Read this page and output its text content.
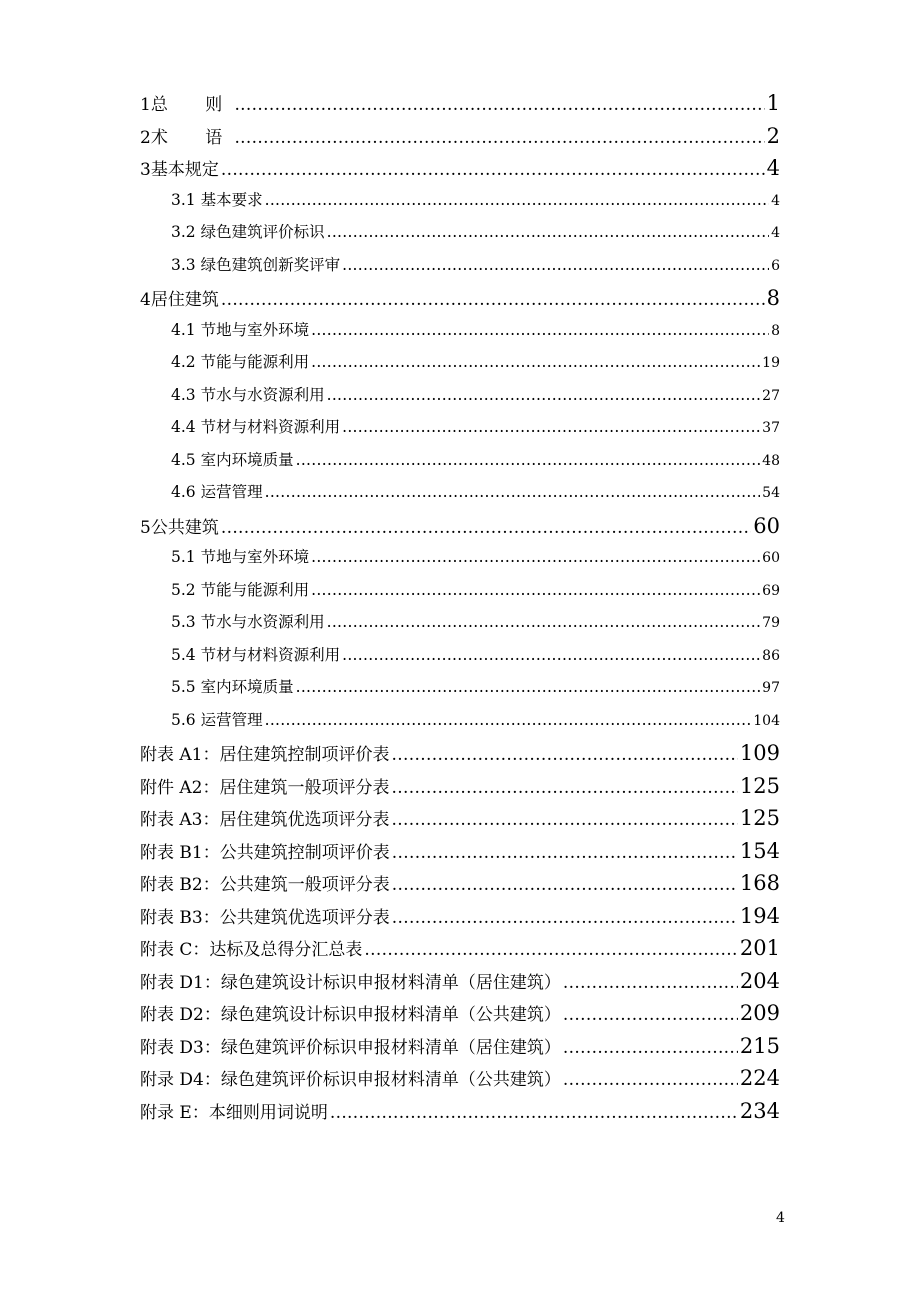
1 总　则 .....	1
2 术　语 .....	2
3 基本规定 .....	4
3.1 基本要求 .....	4
3.2 绿色建筑评价标识 .....	4
3.3 绿色建筑创新奖评审 .....	6
4 居住建筑 .....	8
4.1 节地与室外环境 .....	8
4.2 节能与能源利用 .....	19
4.3 节水与水资源利用 .....	27
4.4 节材与材料资源利用 .....	37
4.5 室内环境质量 .....	48
4.6 运营管理 .....	54
5 公共建筑 .....	60
5.1 节地与室外环境 .....	60
5.2 节能与能源利用 .....	69
5.3 节水与水资源利用 .....	79
5.4 节材与材料资源利用 .....	86
5.5 室内环境质量 .....	97
5.6 运营管理 .....	104
附表 A1：居住建筑控制项评价表 .....	109
附件 A2：居住建筑一般项评分表 .....	125
附表 A3：居住建筑优选项评分表 .....	125
附表 B1：公共建筑控制项评价表 .....	154
附表 B2：公共建筑一般项评分表 .....	168
附表 B3：公共建筑优选项评分表 .....	194
附表 C：达标及总得分汇总表 .....	201
附表 D1：绿色建筑设计标识申报材料清单（居住建筑） .....	204
附表 D2：绿色建筑设计标识申报材料清单（公共建筑） .....	209
附表 D3：绿色建筑评价标识申报材料清单（居住建筑） .....	215
附录 D4：绿色建筑评价标识申报材料清单（公共建筑） .....	224
附录 E：本细则用词说明 .....	234
4
